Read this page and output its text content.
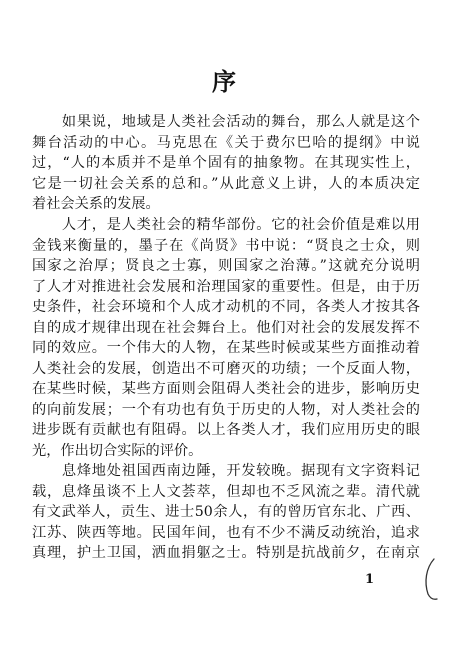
序
　　如果说，地域是人类社会活动的舞台，那么人就是这个
舞台活动的中心。马克思在《关于费尔巴哈的提纲》中说
过，“人的本质并不是单个固有的抽象物。在其现实性上，
它是一切社会关系的总和。”从此意义上讲，人的本质决定
着社会关系的发展。
　　人才，是人类社会的精华部份。它的社会价值是难以用
金钱来衡量的，墨子在《尚贤》书中说：“贤良之士众，则
国家之治厚；贤良之士寡，则国家之治薄。”这就充分说明
了人才对推进社会发展和治理国家的重要性。但是，由于历
史条件，社会环境和个人成才动机的不同，各类人才按其各
自的成才规律出现在社会舞台上。他们对社会的发展发挥不
同的效应。一个伟大的人物，在某些时候或某些方面推动着
人类社会的发展，创造出不可磨灭的功绩；一个反面人物，
在某些时候，某些方面则会阻碍人类社会的进步，影响历史
的向前发展；一个有功也有负于历史的人物，对人类社会的
进步既有贡献也有阻碍。以上各类人才，我们应用历史的眼
光，作出切合实际的评价。
　　息烽地处祖国西南边陲，开发较晚。据现有文字资料记
载，息烽虽谈不上人文荟萃，但却也不乏风流之辈。清代就
有文武举人，贡生、进士50余人，有的曾历官东北、广西、
江苏、陕西等地。民国年间，也有不少不满反动统治，追求
真理，护土卫国，洒血捐躯之士。特别是抗战前夕，在南京
1
